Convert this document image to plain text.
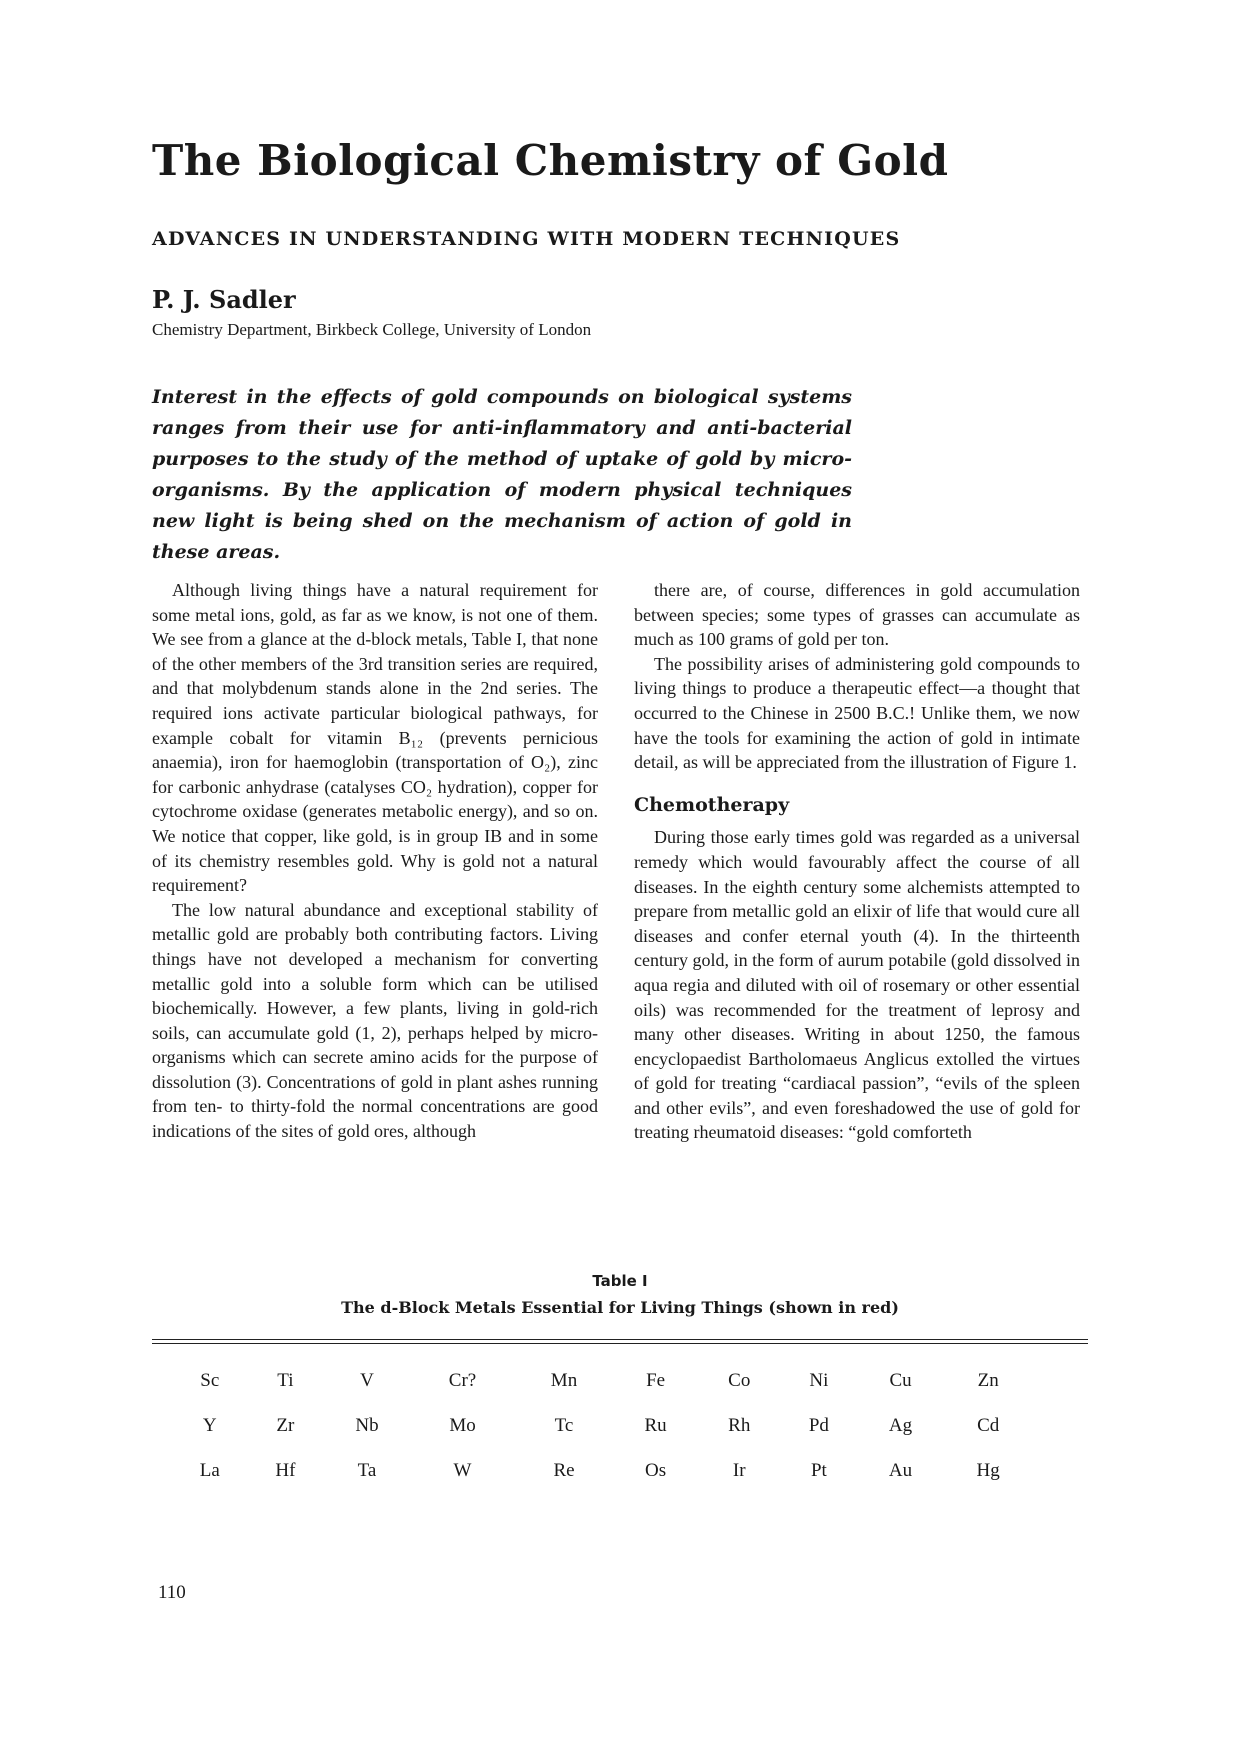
The Biological Chemistry of Gold

ADVANCES IN UNDERSTANDING WITH MODERN TECHNIQUES

P. J. Sadler

Chemistry Department, Birkbeck College, University of London

Interest in the effects of gold compounds on biological systems ranges from their use for anti-inflammatory and anti-bacterial purposes to the study of the method of uptake of gold by micro-organisms. By the application of modern physical techniques new light is being shed on the mechanism of action of gold in these areas.

Although living things have a natural requirement for some metal ions, gold, as far as we know, is not one of them. We see from a glance at the d-block metals, Table I, that none of the other members of the 3rd transition series are required, and that molybdenum stands alone in the 2nd series. The required ions activate particular biological pathways, for example cobalt for vitamin B₁₂ (prevents pernicious anaemia), iron for haemoglobin (transportation of O₂), zinc for carbonic anhydrase (catalyses CO₂ hydration), copper for cytochrome oxidase (generates metabolic energy), and so on. We notice that copper, like gold, is in group IB and in some of its chemistry resembles gold. Why is gold not a natural requirement?

The low natural abundance and exceptional stability of metallic gold are probably both contributing factors. Living things have not developed a mechanism for converting metallic gold into a soluble form which can be utilised biochemically. However, a few plants, living in gold-rich soils, can accumulate gold (1, 2), perhaps helped by micro-organisms which can secrete amino acids for the purpose of dissolution (3). Concentrations of gold in plant ashes running from ten- to thirty-fold the normal concentrations are good indications of the sites of gold ores, although

there are, of course, differences in gold accumulation between species; some types of grasses can accumulate as much as 100 grams of gold per ton.

The possibility arises of administering gold compounds to living things to produce a therapeutic effect—a thought that occurred to the Chinese in 2500 B.C.! Unlike them, we now have the tools for examining the action of gold in intimate detail, as will be appreciated from the illustration of Figure 1.

Chemotherapy

During those early times gold was regarded as a universal remedy which would favourably affect the course of all diseases. In the eighth century some alchemists attempted to prepare from metallic gold an elixir of life that would cure all diseases and confer eternal youth (4). In the thirteenth century gold, in the form of aurum potabile (gold dissolved in aqua regia and diluted with oil of rosemary or other essential oils) was recommended for the treatment of leprosy and many other diseases. Writing in about 1250, the famous encyclopaedist Bartholomaeus Anglicus extolled the virtues of gold for treating “cardiacal passion”, “evils of the spleen and other evils”, and even foreshadowed the use of gold for treating rheumatoid diseases: “gold comforteth

Table I

The d-Block Metals Essential for Living Things (shown in red)

Sc	Ti	V	Cr?	Mn	Fe	Co	Ni	Cu	Zn
Y	Zr	Nb	Mo	Tc	Ru	Rh	Pd	Ag	Cd
La	Hf	Ta	W	Re	Os	Ir	Pt	Au	Hg

110
